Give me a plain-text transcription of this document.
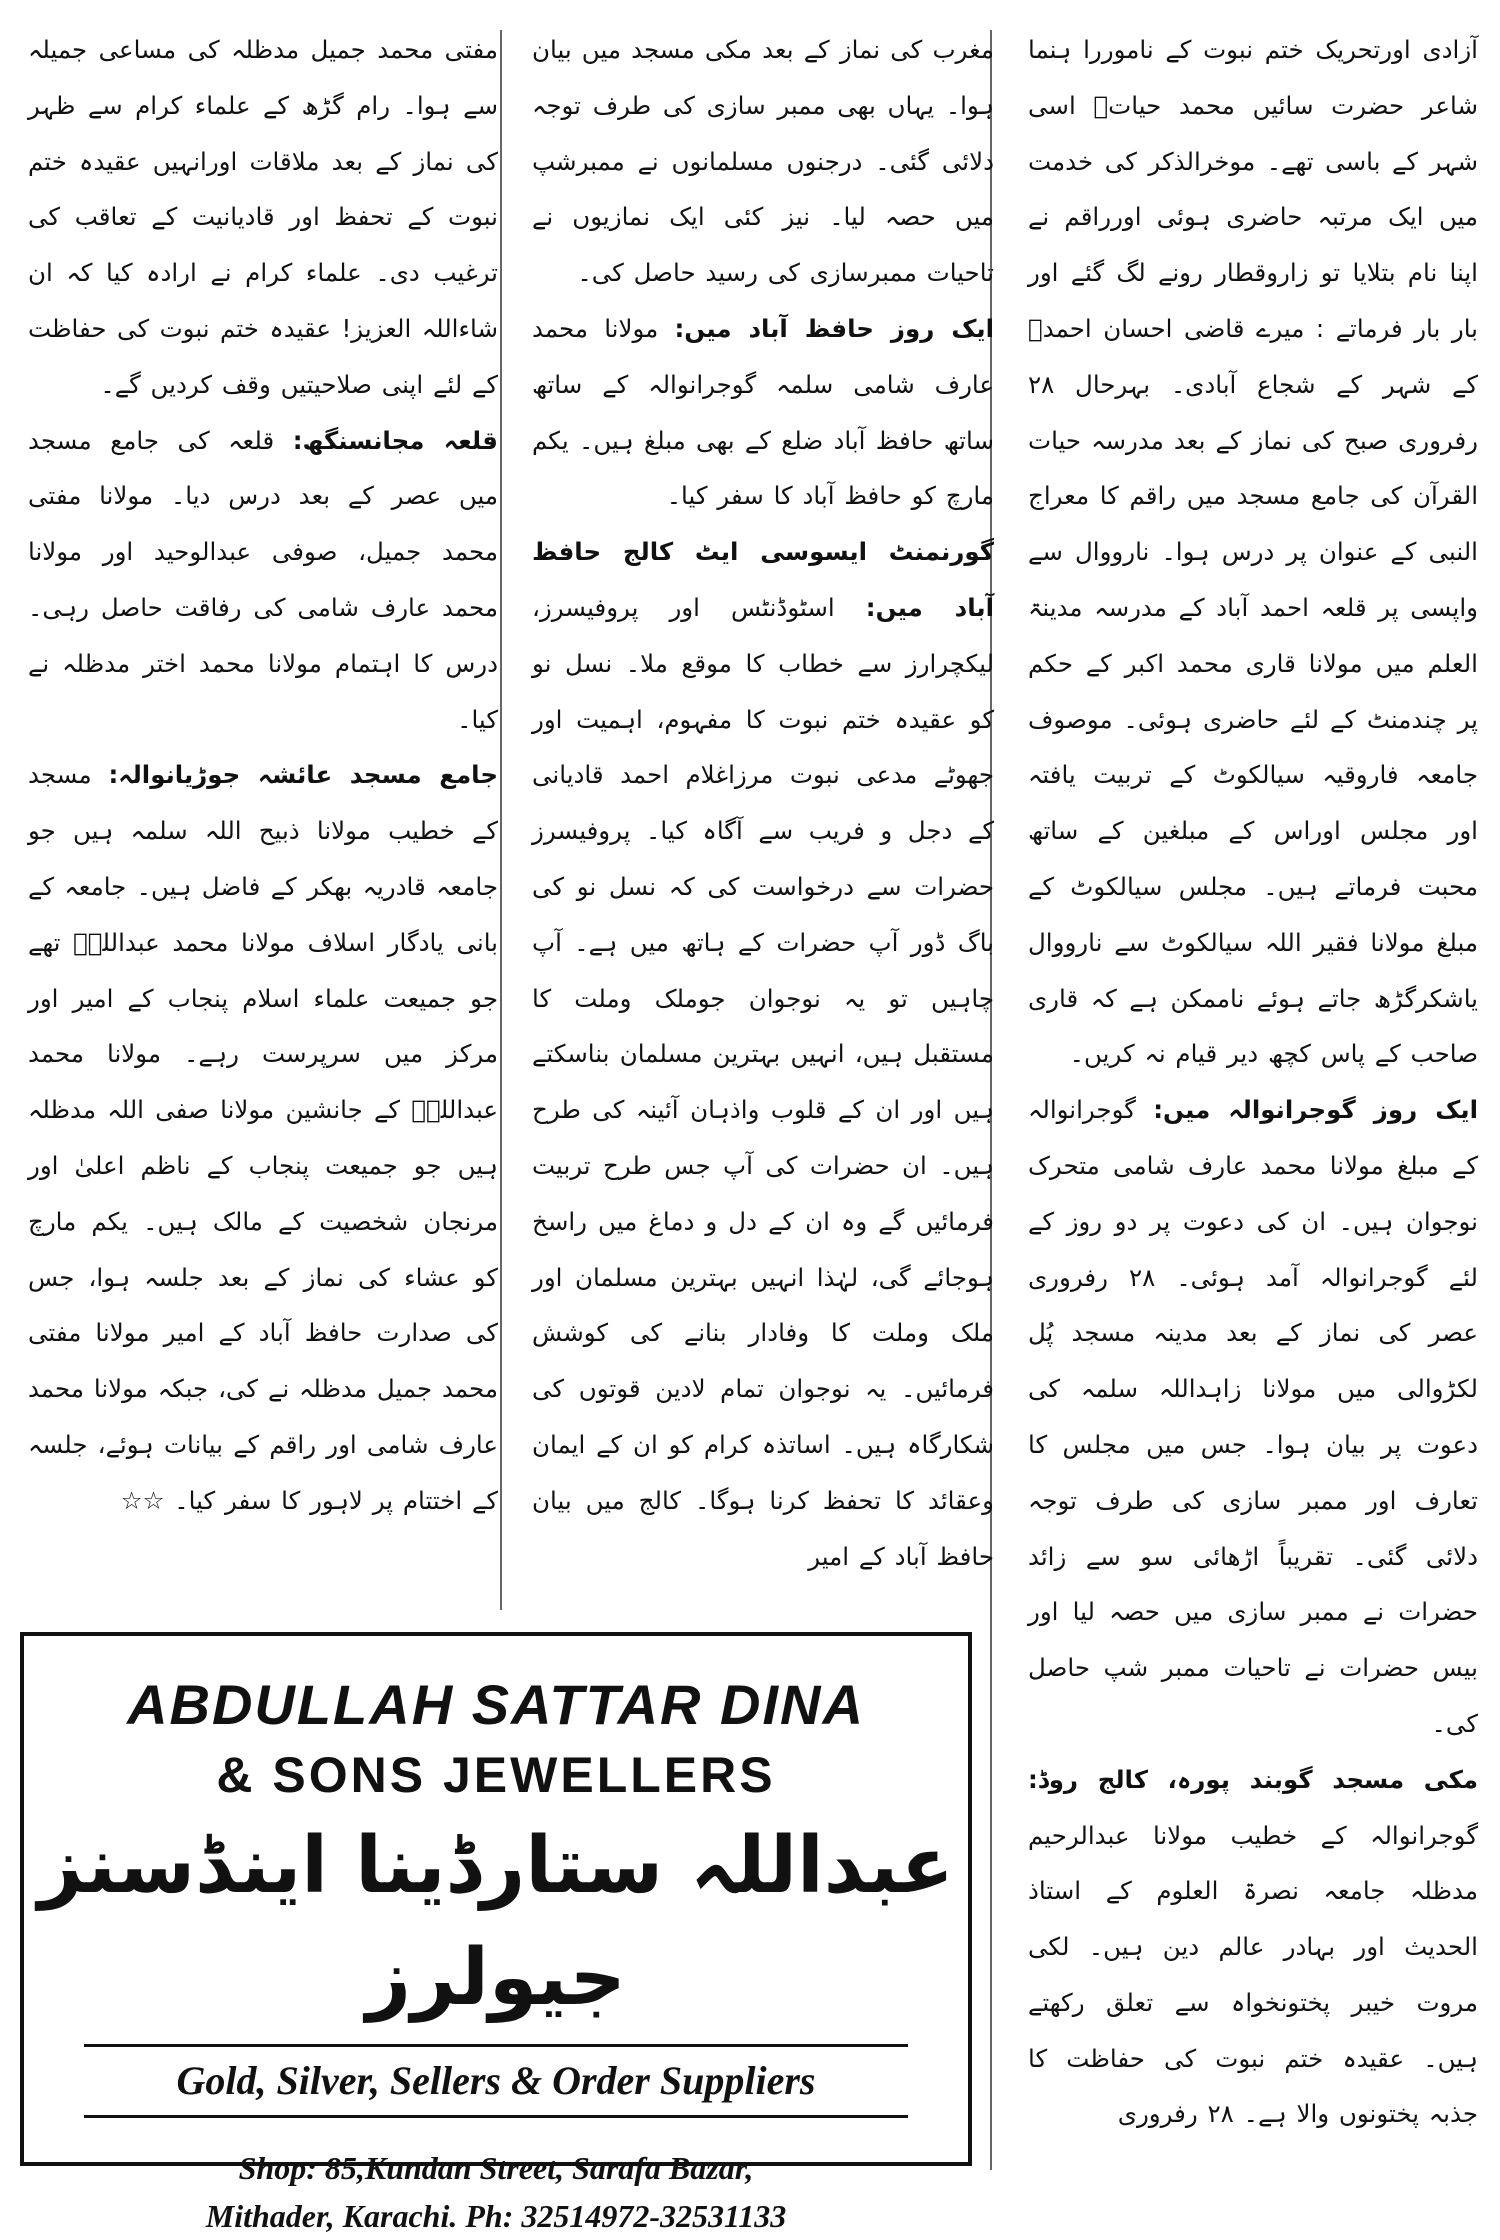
آزادی اورتحریک ختم نبوت کے ناموررا ہنما شاعر حضرت سائیں محمد حیاتؒ اسی شہر کے باسی تھے۔ موخرالذکر کی خدمت میں ایک مرتبہ حاضری ہوئی اورراقم نے اپنا نام بتلایا تو زاروقطار رونے لگ گئے اور بار بار فرماتے : میرے قاضی احسان احمدؒ کے شہر کے شجاع آبادی۔ بہرحال ۲۸ رفروری صبح کی نماز کے بعد مدرسہ حیات القرآن کی جامع مسجد میں راقم کا معراج النبی کے عنوان پر درس ہوا۔ نارووال سے واپسی پر قلعہ احمد آباد کے مدرسہ مدینۃ العلم میں مولانا قاری محمد اکبر کے حکم پر چندمنٹ کے لئے حاضری ہوئی۔ موصوف جامعہ فاروقیہ سیالکوٹ کے تربیت یافتہ اور مجلس اوراس کے مبلغین کے ساتھ محبت فرماتے ہیں۔ مجلس سیالکوٹ کے مبلغ مولانا فقیر اللہ سیالکوٹ سے نارووال یاشکرگڑھ جاتے ہوئے ناممکن ہے کہ قاری صاحب کے پاس کچھ دیر قیام نہ کریں۔

ایک روز گوجرانوالہ میں: گوجرانوالہ کے مبلغ مولانا محمد عارف شامی متحرک نوجوان ہیں۔ ان کی دعوت پر دو روز کے لئے گوجرانوالہ آمد ہوئی۔ ۲۸ رفروری عصر کی نماز کے بعد مدینہ مسجد پُل لکڑوالی میں مولانا زاہداللہ سلمہ کی دعوت پر بیان ہوا۔ جس میں مجلس کا تعارف اور ممبر سازی کی طرف توجہ دلائی گئی۔ تقریباً اڑھائی سو سے زائد حضرات نے ممبر سازی میں حصہ لیا اور بیس حضرات نے تاحیات ممبر شپ حاصل کی۔

مکی مسجد گوبند پورہ، کالج روڈ: گوجرانوالہ کے خطیب مولانا عبدالرحیم مدظلہ جامعہ نصرۃ العلوم کے استاذ الحدیث اور بہادر عالم دین ہیں۔ لکی مروت خیبر پختونخواہ سے تعلق رکھتے ہیں۔ عقیدہ ختم نبوت کی حفاظت کا جذبہ پختونوں والا ہے۔ ۲۸ رفروری

مغرب کی نماز کے بعد مکی مسجد میں بیان ہوا۔ یہاں بھی ممبر سازی کی طرف توجہ دلائی گئی۔ درجنوں مسلمانوں نے ممبرشپ میں حصہ لیا۔ نیز کئی ایک نمازیوں نے تاحیات ممبرسازی کی رسید حاصل کی۔

ایک روز حافظ آباد میں: مولانا محمد عارف شامی سلمہ گوجرانوالہ کے ساتھ ساتھ حافظ آباد ضلع کے بھی مبلغ ہیں۔ یکم مارچ کو حافظ آباد کا سفر کیا۔

گورنمنٹ ایسوسی ایٹ کالج حافظ آباد میں: اسٹوڈنٹس اور پروفیسرز، لیکچرارز سے خطاب کا موقع ملا۔ نسل نو کو عقیدہ ختم نبوت کا مفہوم، اہمیت اور جھوٹے مدعی نبوت مرزاغلام احمد قادیانی کے دجل و فریب سے آگاہ کیا۔ پروفیسرز حضرات سے درخواست کی کہ نسل نو کی باگ ڈور آپ حضرات کے ہاتھ میں ہے۔ آپ چاہیں تو یہ نوجوان جوملک وملت کا مستقبل ہیں، انہیں بہترین مسلمان بناسکتے ہیں اور ان کے قلوب واذہان آئینہ کی طرح ہیں۔ ان حضرات کی آپ جس طرح تربیت فرمائیں گے وہ ان کے دل و دماغ میں راسخ ہوجائے گی، لہٰذا انہیں بہترین مسلمان اور ملک وملت کا وفادار بنانے کی کوشش فرمائیں۔ یہ نوجوان تمام لادین قوتوں کی شکارگاہ ہیں۔ اساتذہ کرام کو ان کے ایمان وعقائد کا تحفظ کرنا ہوگا۔ کالج میں بیان حافظ آباد کے امیر

مفتی محمد جمیل مدظلہ کی مساعی جمیلہ سے ہوا۔ رام گڑھ کے علماء کرام سے ظہر کی نماز کے بعد ملاقات اورانہیں عقیدہ ختم نبوت کے تحفظ اور قادیانیت کے تعاقب کی ترغیب دی۔ علماء کرام نے ارادہ کیا کہ ان شاءاللہ العزیز! عقیدہ ختم نبوت کی حفاظت کے لئے اپنی صلاحیتیں وقف کردیں گے۔

قلعہ مجانسنگھ: قلعہ کی جامع مسجد میں عصر کے بعد درس دیا۔ مولانا مفتی محمد جمیل، صوفی عبدالوحید اور مولانا محمد عارف شامی کی رفاقت حاصل رہی۔ درس کا اہتمام مولانا محمد اختر مدظلہ نے کیا۔

جامع مسجد عائشہ جوڑیانوالہ: مسجد کے خطیب مولانا ذبیح اللہ سلمہ ہیں جو جامعہ قادریہ بھکر کے فاضل ہیں۔ جامعہ کے بانی یادگار اسلاف مولانا محمد عبداللہؒ تھے جو جمیعت علماء اسلام پنجاب کے امیر اور مرکز میں سرپرست رہے۔ مولانا محمد عبداللہؒ کے جانشین مولانا صفی اللہ مدظلہ ہیں جو جمیعت پنجاب کے ناظم اعلیٰ اور مرنجان شخصیت کے مالک ہیں۔ یکم مارچ کو عشاء کی نماز کے بعد جلسہ ہوا، جس کی صدارت حافظ آباد کے امیر مولانا مفتی محمد جمیل مدظلہ نے کی، جبکہ مولانا محمد عارف شامی اور راقم کے بیانات ہوئے، جلسہ کے اختتام پر لاہور کا سفر کیا۔ ☆☆

ABDULLAH SATTAR DINA
& SONS JEWELLERS
عبداللہ ستارڈینا اینڈسنز جیولرز
Gold, Silver, Sellers & Order Suppliers
Shop: 85,Kundan Street, Sarafa Bazar,
Mithader, Karachi. Ph: 32514972-32531133
